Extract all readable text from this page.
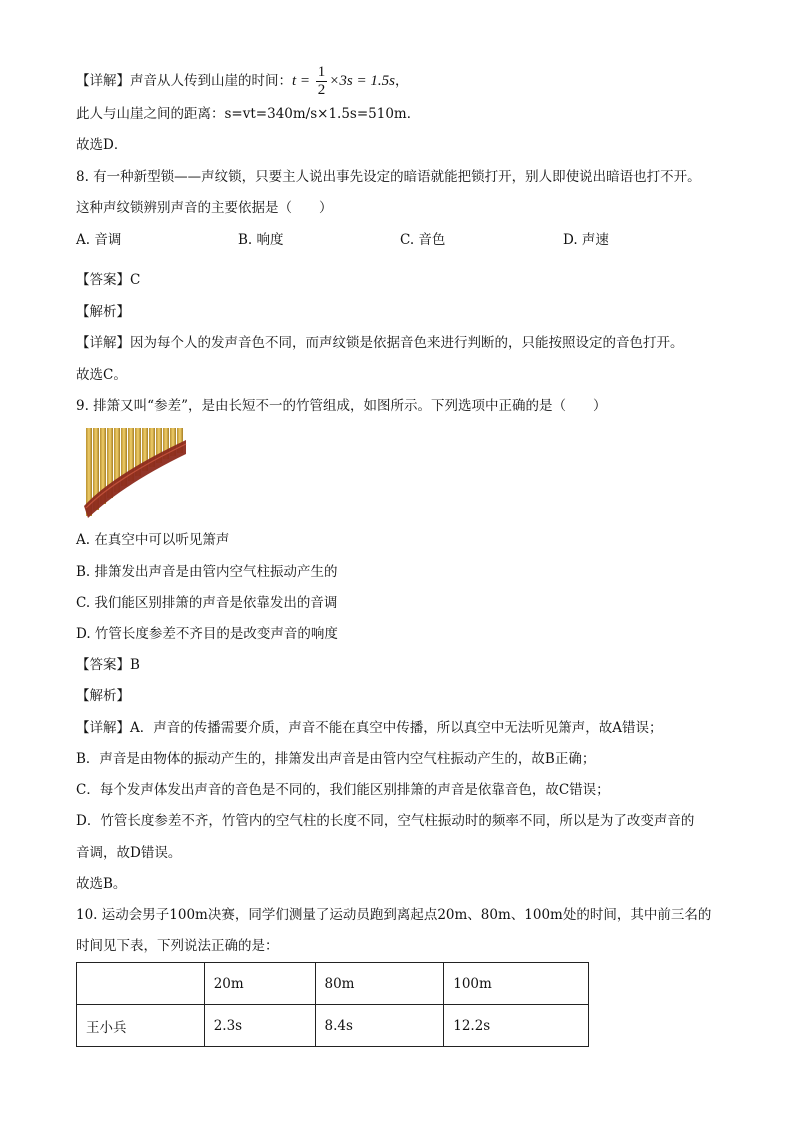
【详解】声音从人传到山崖的时间：$t = \frac{1}{2} \times 3s = 1.5s$，
此人与山崖之间的距离：s=vt=340m/s×1.5s=510m．
故选D．
8. 有一种新型锁——声纹锁，只要主人说出事先设定的暗语就能把锁打开，别人即使说出暗语也打不开。
这种声纹锁辨别声音的主要依据是（　　）
A. 音调	B. 响度	C. 音色	D. 声速
【答案】C
【解析】
【详解】因为每个人的发声音色不同，而声纹锁是依据音色来进行判断的，只能按照设定的音色打开。
故选C。
9. 排箫又叫“参差”，是由长短不一的竹管组成，如图所示。下列选项中正确的是（　　）
A. 在真空中可以听见箫声
B. 排箫发出声音是由管内空气柱振动产生的
C. 我们能区别排箫的声音是依靠发出的音调
D. 竹管长度参差不齐目的是改变声音的响度
【答案】B
【解析】
【详解】A．声音的传播需要介质，声音不能在真空中传播，所以真空中无法听见箫声，故A错误；
B．声音是由物体的振动产生的，排箫发出声音是由管内空气柱振动产生的，故B正确；
C．每个发声体发出声音的音色是不同的，我们能区别排箫的声音是依靠音色，故C错误；
D．竹管长度参差不齐，竹管内的空气柱的长度不同，空气柱振动时的频率不同，所以是为了改变声音的
音调，故D错误。
故选B。
10. 运动会男子100m决赛，同学们测量了运动员跑到离起点20m、80m、100m处的时间，其中前三名的
时间见下表，下列说法正确的是：
	20m	80m	100m
王小兵	2.3s	8.4s	12.2s
